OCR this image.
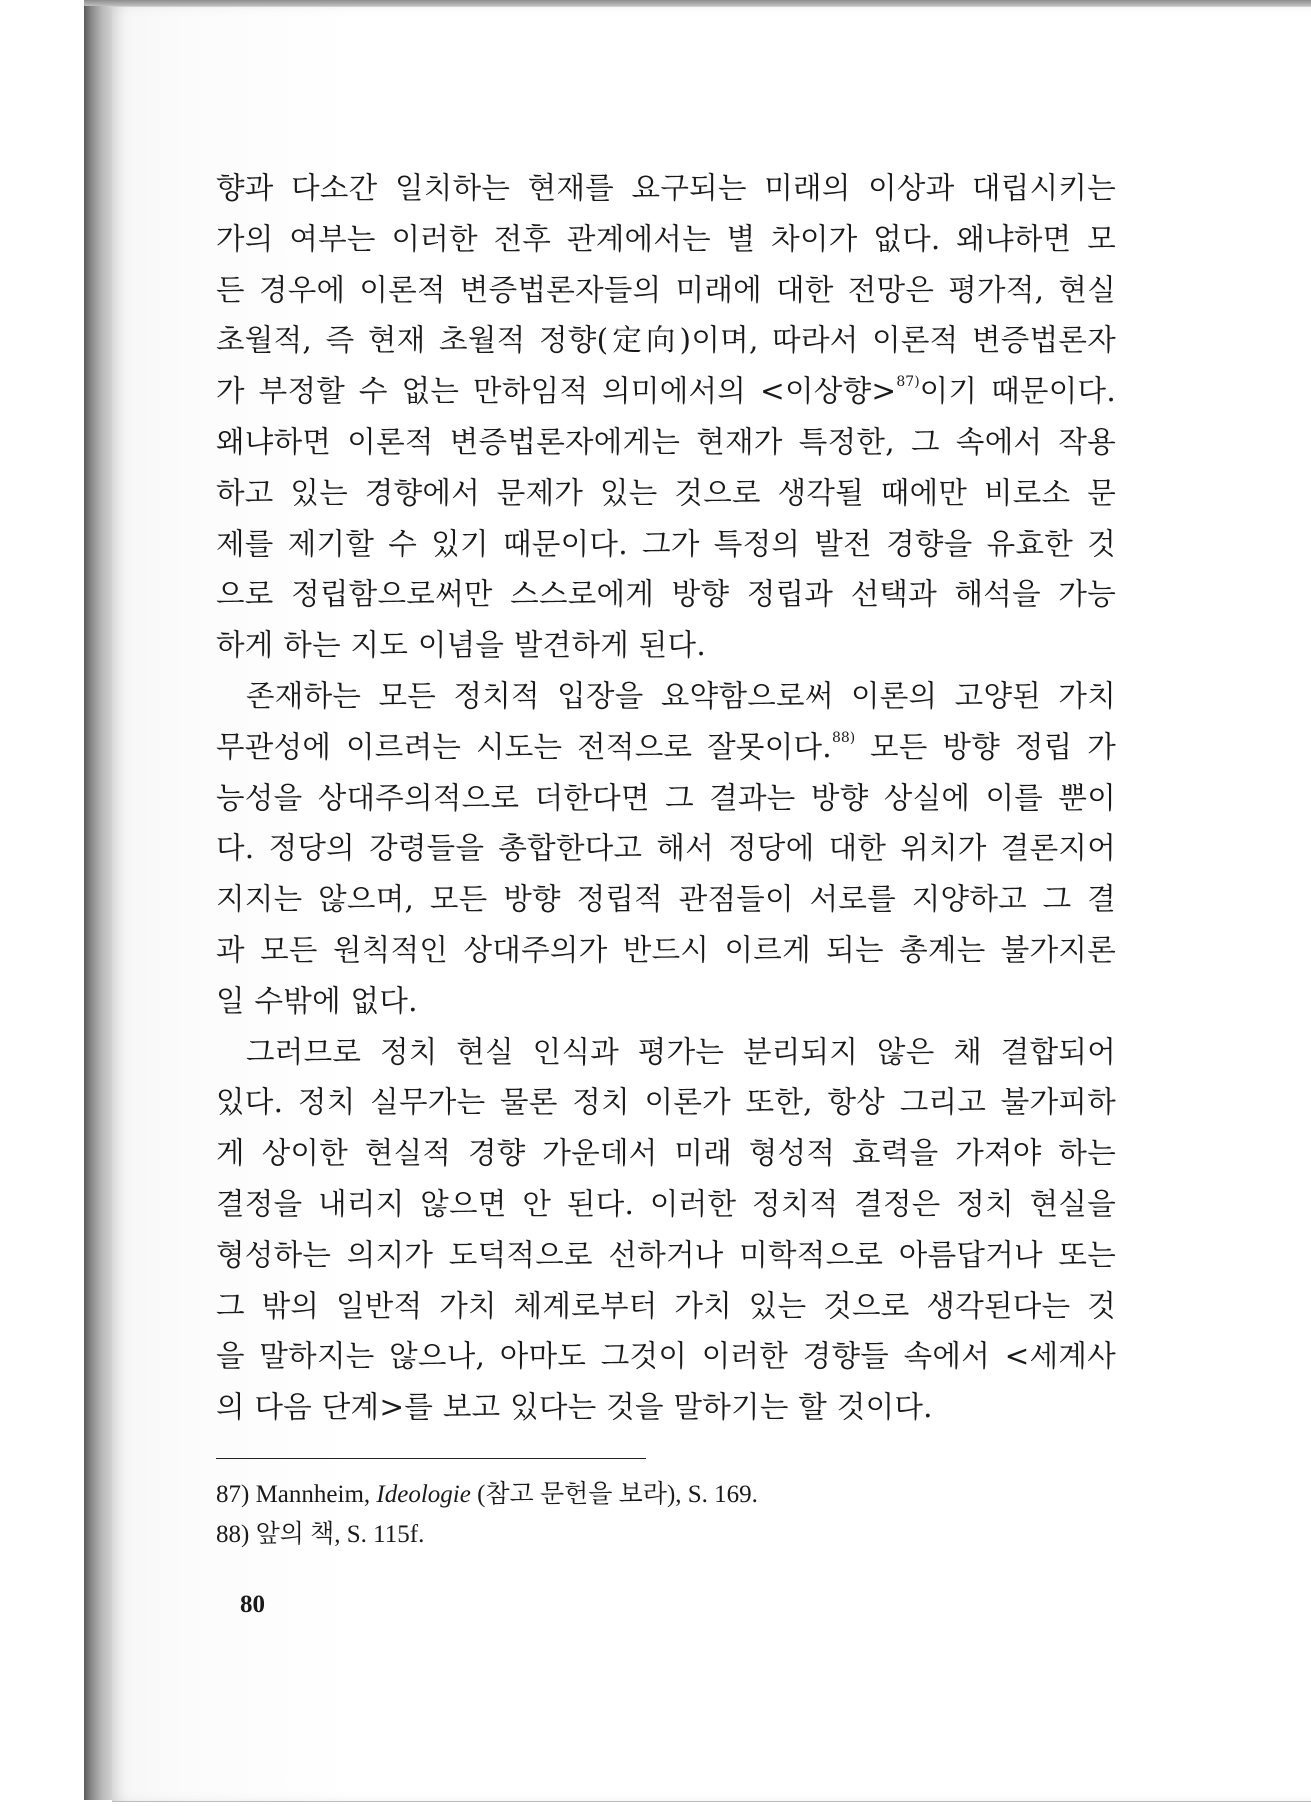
향과 다소간 일치하는 현재를 요구되는 미래의 이상과 대립시키는
가의 여부는 이러한 전후 관계에서는 별 차이가 없다. 왜냐하면 모
든 경우에 이론적 변증법론자들의 미래에 대한 전망은 평가적, 현실
초월적, 즉 현재 초월적 정향(定向)이며, 따라서 이론적 변증법론자
가 부정할 수 없는 만하임적 의미에서의 <이상향>$^{87)}$이기 때문이다.
왜냐하면 이론적 변증법론자에게는 현재가 특정한, 그 속에서 작용
하고 있는 경향에서 문제가 있는 것으로 생각될 때에만 비로소 문
제를 제기할 수 있기 때문이다. 그가 특정의 발전 경향을 유효한 것
으로 정립함으로써만 스스로에게 방향 정립과 선택과 해석을 가능
하게 하는 지도 이념을 발견하게 된다.
존재하는 모든 정치적 입장을 요약함으로써 이론의 고양된 가치
무관성에 이르려는 시도는 전적으로 잘못이다.$^{88)}$ 모든 방향 정립 가
능성을 상대주의적으로 더한다면 그 결과는 방향 상실에 이를 뿐이
다. 정당의 강령들을 총합한다고 해서 정당에 대한 위치가 결론지어
지지는 않으며, 모든 방향 정립적 관점들이 서로를 지양하고 그 결
과 모든 원칙적인 상대주의가 반드시 이르게 되는 총계는 불가지론
일 수밖에 없다.
그러므로 정치 현실 인식과 평가는 분리되지 않은 채 결합되어
있다. 정치 실무가는 물론 정치 이론가 또한, 항상 그리고 불가피하
게 상이한 현실적 경향 가운데서 미래 형성적 효력을 가져야 하는
결정을 내리지 않으면 안 된다. 이러한 정치적 결정은 정치 현실을
형성하는 의지가 도덕적으로 선하거나 미학적으로 아름답거나 또는
그 밖의 일반적 가치 체계로부터 가치 있는 것으로 생각된다는 것
을 말하지는 않으나, 아마도 그것이 이러한 경향들 속에서 <세계사
의 다음 단계>를 보고 있다는 것을 말하기는 할 것이다.
87) Mannheim, Ideologie (참고 문헌을 보라), S. 169.
88) 앞의 책, S. 115f.
80
